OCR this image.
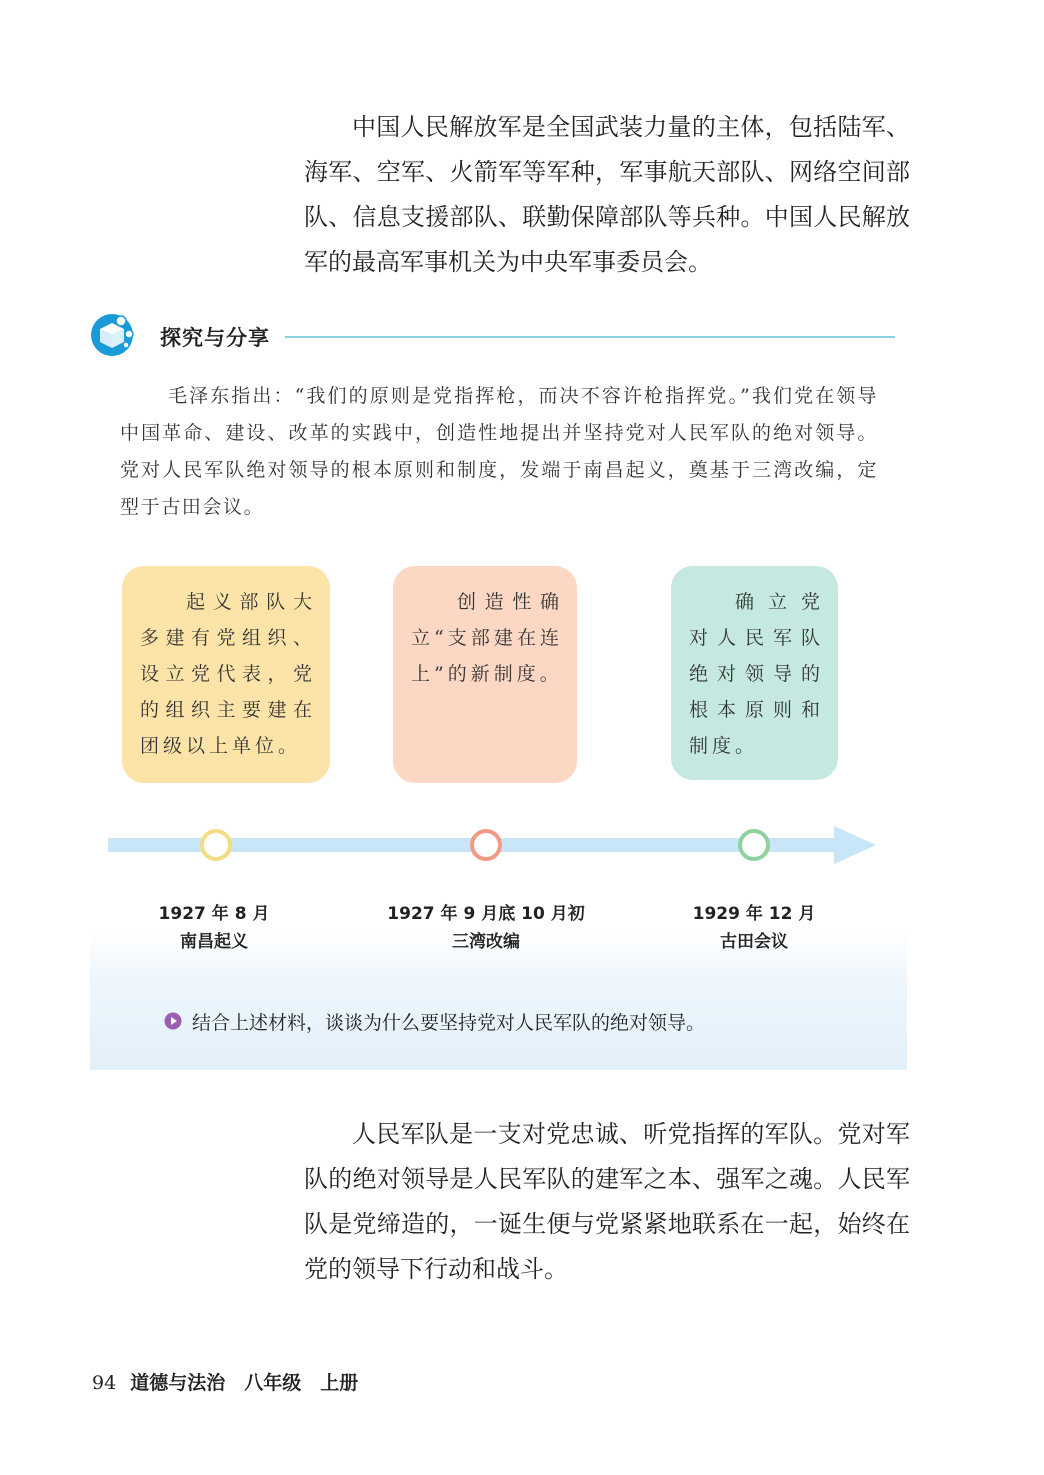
中国人民解放军是全国武装力量的主体，包括陆军、海军、空军、火箭军等军种，军事航天部队、网络空间部队、信息支援部队、联勤保障部队等兵种。中国人民解放军的最高军事机关为中央军事委员会。

探究与分享

毛泽东指出：“我们的原则是党指挥枪，而决不容许枪指挥党。”我们党在领导中国革命、建设、改革的实践中，创造性地提出并坚持党对人民军队的绝对领导。党对人民军队绝对领导的根本原则和制度，发端于南昌起义，奠基于三湾改编，定型于古田会议。

起义部队大多建有党组织、设立党代表，党的组织主要建在团级以上单位。
创造性确立“支部建在连上”的新制度。
确立党对人民军队绝对领导的根本原则和制度。
1927 年 8 月
南昌起义
1927 年 9 月底 10 月初
三湾改编
1929 年 12 月
古田会议
结合上述材料，谈谈为什么要坚持党对人民军队的绝对领导。

人民军队是一支对党忠诚、听党指挥的军队。党对军队的绝对领导是人民军队的建军之本、强军之魂。人民军队是党缔造的，一诞生便与党紧紧地联系在一起，始终在党的领导下行动和战斗。

94 道德与法治　八年级　上册
